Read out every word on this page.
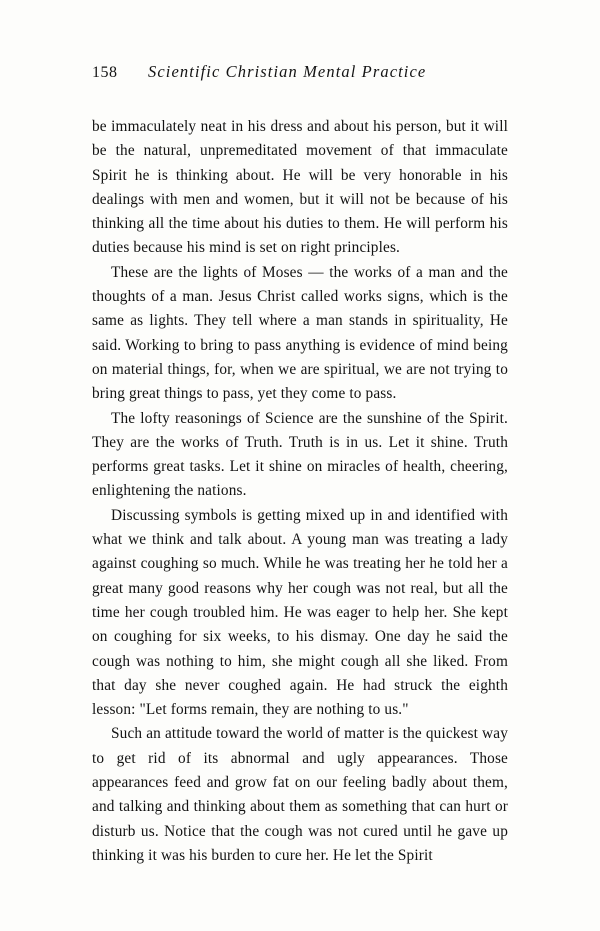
158	Scientific Christian Mental Practice

be immaculately neat in his dress and about his person, but it will be the natural, unpremeditated movement of that immaculate Spirit he is thinking about. He will be very honorable in his dealings with men and women, but it will not be because of his thinking all the time about his duties to them. He will perform his duties because his mind is set on right principles.

These are the lights of Moses — the works of a man and the thoughts of a man. Jesus Christ called works signs, which is the same as lights. They tell where a man stands in spirituality, He said. Working to bring to pass anything is evidence of mind being on material things, for, when we are spiritual, we are not trying to bring great things to pass, yet they come to pass.

The lofty reasonings of Science are the sunshine of the Spirit. They are the works of Truth. Truth is in us. Let it shine. Truth performs great tasks. Let it shine on miracles of health, cheering, enlightening the nations.

Discussing symbols is getting mixed up in and identified with what we think and talk about. A young man was treating a lady against coughing so much. While he was treating her he told her a great many good reasons why her cough was not real, but all the time her cough troubled him. He was eager to help her. She kept on coughing for six weeks, to his dismay. One day he said the cough was nothing to him, she might cough all she liked. From that day she never coughed again. He had struck the eighth lesson: "Let forms remain, they are nothing to us."

Such an attitude toward the world of matter is the quickest way to get rid of its abnormal and ugly appearances. Those appearances feed and grow fat on our feeling badly about them, and talking and thinking about them as something that can hurt or disturb us. Notice that the cough was not cured until he gave up thinking it was his burden to cure her. He let the Spirit
